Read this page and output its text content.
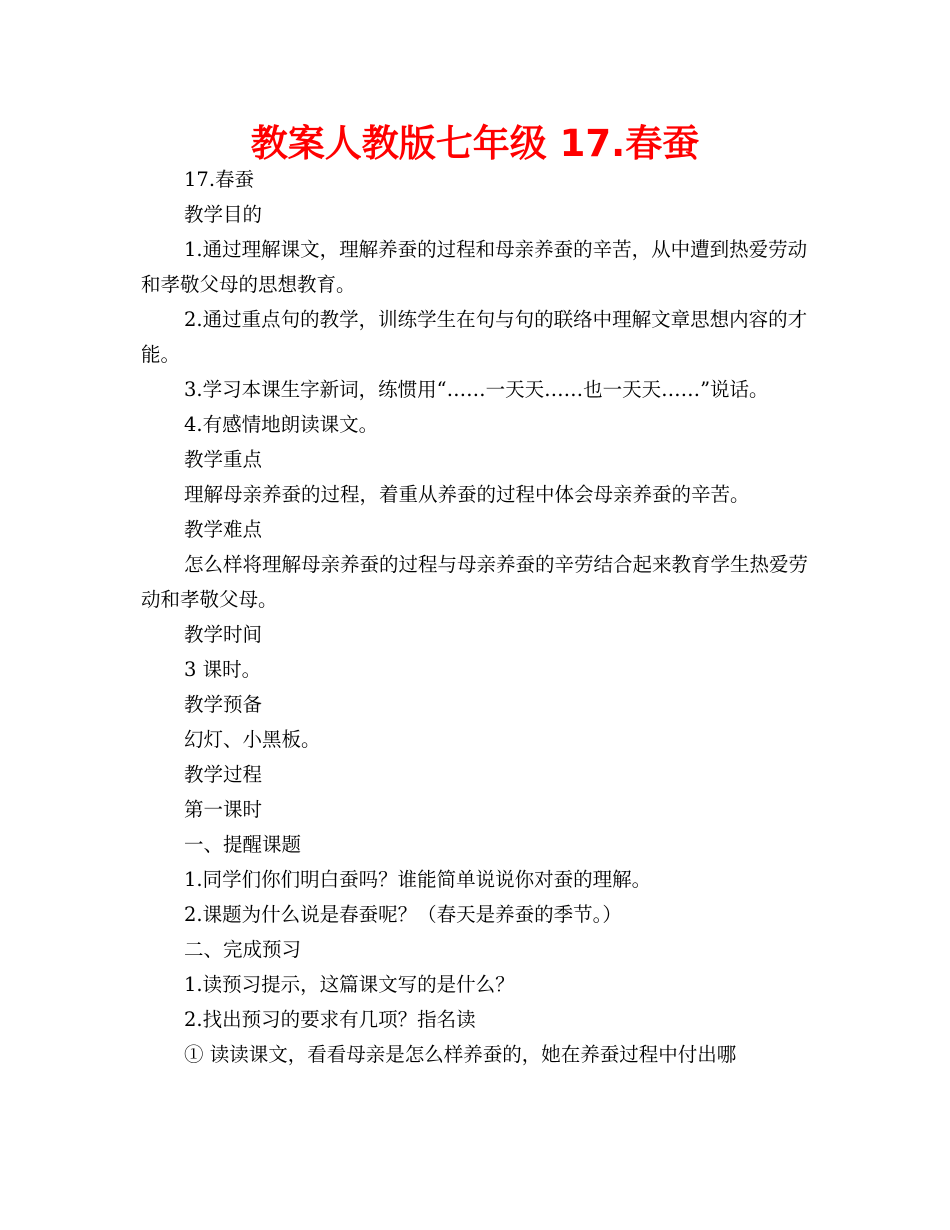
教案人教版七年级 17.春蚕

17.春蚕

教学目的

1.通过理解课文，理解养蚕的过程和母亲养蚕的辛苦，从中遭到热爱劳动和孝敬父母的思想教育。

2.通过重点句的教学，训练学生在句与句的联络中理解文章思想内容的才能。

3.学习本课生字新词，练惯用“……一天天……也一天天……”说话。

4.有感情地朗读课文。

教学重点

理解母亲养蚕的过程，着重从养蚕的过程中体会母亲养蚕的辛苦。

教学难点

怎么样将理解母亲养蚕的过程与母亲养蚕的辛劳结合起来教育学生热爱劳动和孝敬父母。

教学时间

3 课时。

教学预备

幻灯、小黑板。

教学过程

第一课时

一、提醒课题

1.同学们你们明白蚕吗？谁能简单说说你对蚕的理解。

2.课题为什么说是春蚕呢？（春天是养蚕的季节。）

二、完成预习

1.读预习提示，这篇课文写的是什么？

2.找出预习的要求有几项？指名读

① 读读课文，看看母亲是怎么样养蚕的，她在养蚕过程中付出哪
